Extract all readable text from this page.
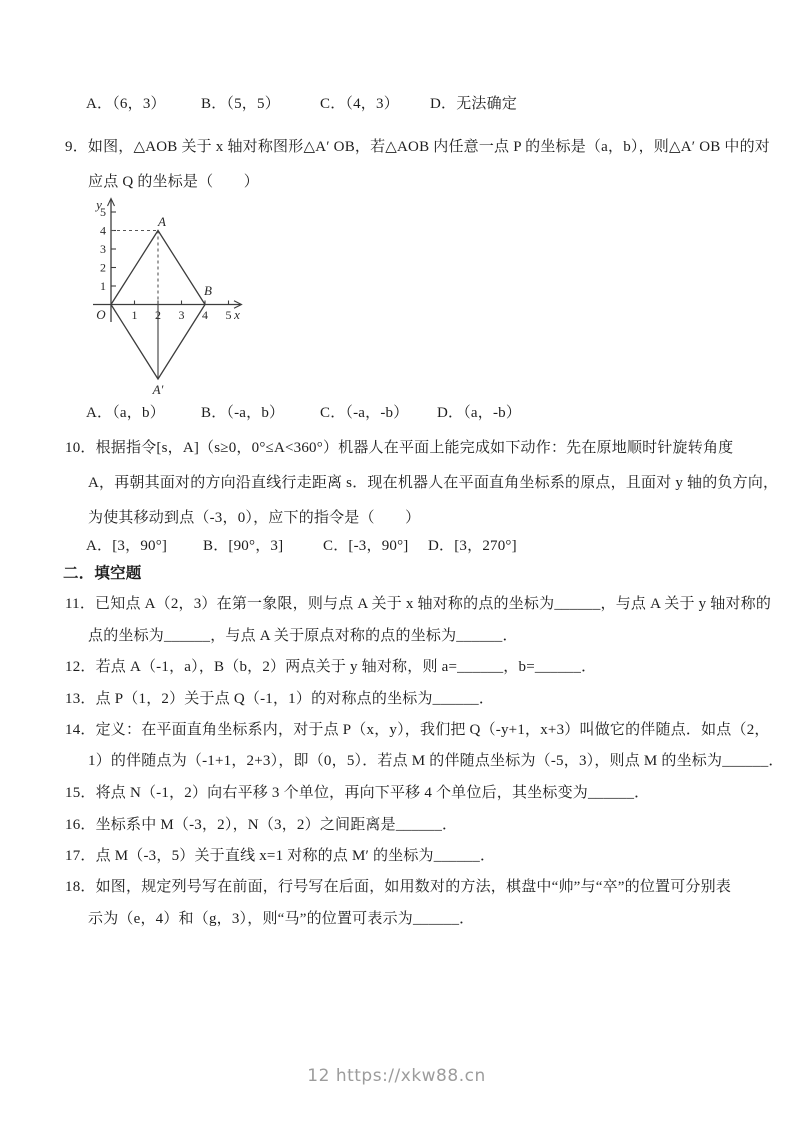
A．（6，3） B．（5，5）	C．（4，3） D．无法确定
9．如图，△AOB 关于 x 轴对称图形△A′ OB，若△AOB 内任意一点 P 的坐标是（a，b），则△A′ OB 中的对
应点 Q 的坐标是（　　）
y
x
O
A
B
A′
1 2 3 4 5
1
2
3
4
5
A．（a，b） B．（-a，b） C．（-a，-b） D．（a，-b）
10．根据指令[s，A]（s≥0，0°≤A<360°）机器人在平面上能完成如下动作：先在原地顺时针旋转角度
A，再朝其面对的方向沿直线行走距离 s．现在机器人在平面直角坐标系的原点，且面对 y 轴的负方向，
为使其移动到点（-3，0），应下的指令是（　　）
A．[3，90°] B．[90°，3]	C．[-3，90°] D．[3，270°]
二．填空题
11．已知点 A（2，3）在第一象限，则与点 A 关于 x 轴对称的点的坐标为______，与点 A 关于 y 轴对称的
点的坐标为______，与点 A 关于原点对称的点的坐标为______．
12．若点 A（-1，a），B（b，2）两点关于 y 轴对称，则 a=______，b=______．
13．点 P（1，2）关于点 Q（-1，1）的对称点的坐标为______．
14．定义：在平面直角坐标系内，对于点 P（x，y），我们把 Q（-y+1，x+3）叫做它的伴随点．如点（2，
1）的伴随点为（-1+1，2+3），即（0，5）．若点 M 的伴随点坐标为（-5，3），则点 M 的坐标为______．
15．将点 N（-1，2）向右平移 3 个单位，再向下平移 4 个单位后，其坐标变为______．
16．坐标系中 M（-3，2），N（3，2）之间距离是______．
17．点 M（-3，5）关于直线 x=1 对称的点 M′ 的坐标为______．
18．如图，规定列号写在前面，行号写在后面，如用数对的方法，棋盘中“帅”与“卒”的位置可分别表
示为（e，4）和（g，3），则“马”的位置可表示为______．
12 https://xkw88.cn
